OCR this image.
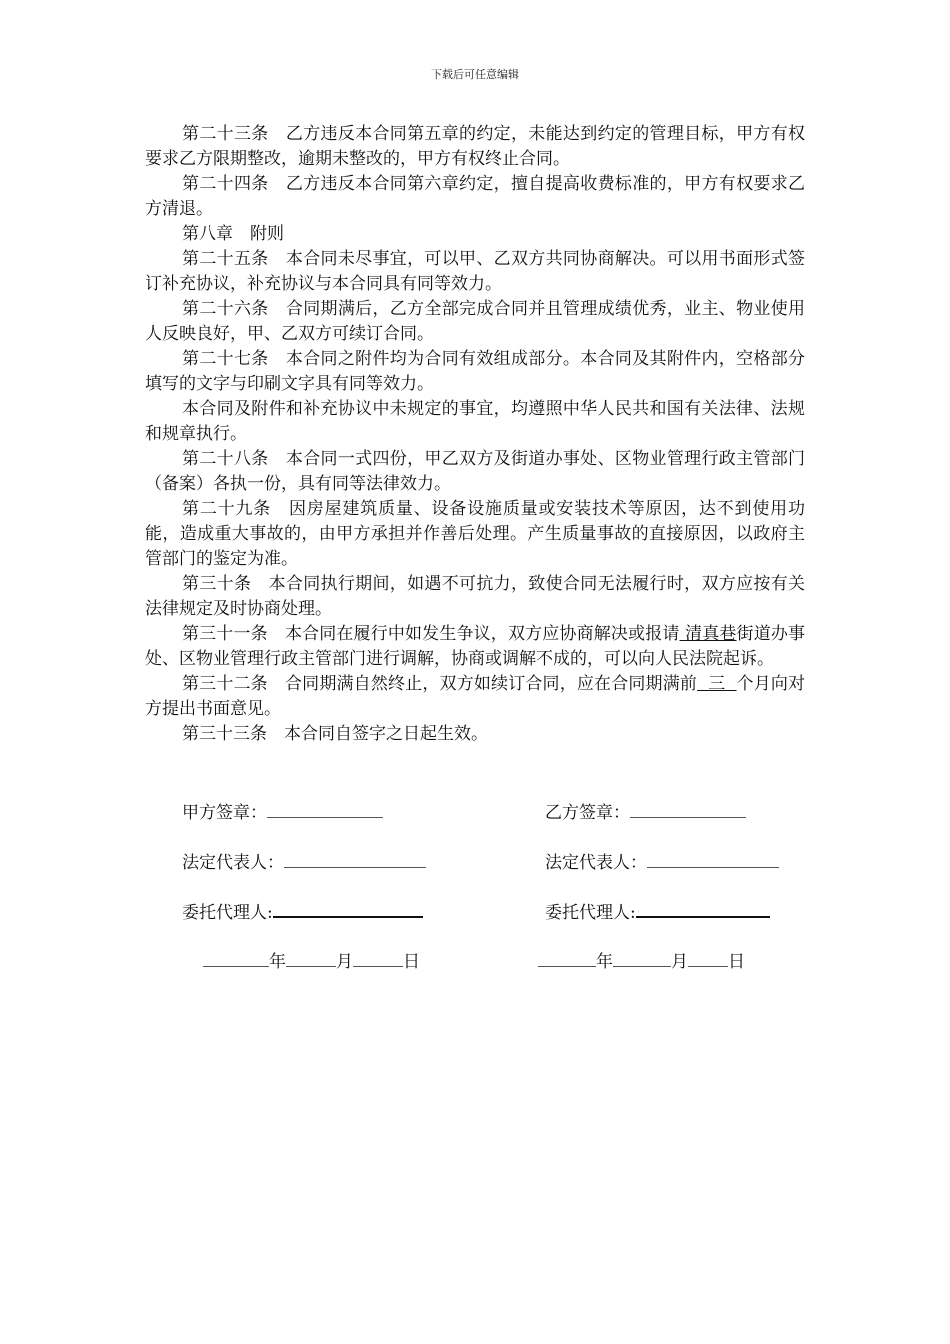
下载后可任意编辑

第二十三条　 乙方违反本合同第五章的约定，未能达到约定的管理目标，甲方有权要求乙方限期整改，逾期未整改的，甲方有权终止合同。

第二十四条　 乙方违反本合同第六章约定，擅自提高收费标准的，甲方有权要求乙方清退。

第八章　 附则

第二十五条　 本合同未尽事宜，可以甲、乙双方共同协商解决。可以用书面形式签订补充协议，补充协议与本合同具有同等效力。

第二十六条　 合同期满后，乙方全部完成合同并且管理成绩优秀，业主、物业使用人反映良好，甲、乙双方可续订合同。

第二十七条　 本合同之附件均为合同有效组成部分。本合同及其附件内，空格部分填写的文字与印刷文字具有同等效力。

本合同及附件和补充协议中未规定的事宜，均遵照中华人民共和国有关法律、法规和规章执行。

第二十八条　 本合同一式四份，甲乙双方及街道办事处、区物业管理行政主管部门（备案）各执一份，具有同等法律效力。

第二十九条　 因房屋建筑质量、设备设施质量或安装技术等原因，达不到使用功能，造成重大事故的，由甲方承担并作善后处理。产生质量事故的直接原因，以政府主管部门的鉴定为准。

第三十条　 本合同执行期间，如遇不可抗力，致使合同无法履行时，双方应按有关法律规定及时协商处理。

第三十一条　 本合同在履行中如发生争议，双方应协商解决或报请 清真巷街道办事处、区物业管理行政主管部门进行调解，协商或调解不成的，可以向人民法院起诉。

第三十二条　 合同期满自然终止，双方如续订合同，应在合同期满前 三 个月向对方提出书面意见。

第三十三条　 本合同自签字之日起生效。

甲方签章：	乙方签章：
法定代表人：	法定代表人：
委托代理人:	委托代理人:
年	月	日	年	月 日
